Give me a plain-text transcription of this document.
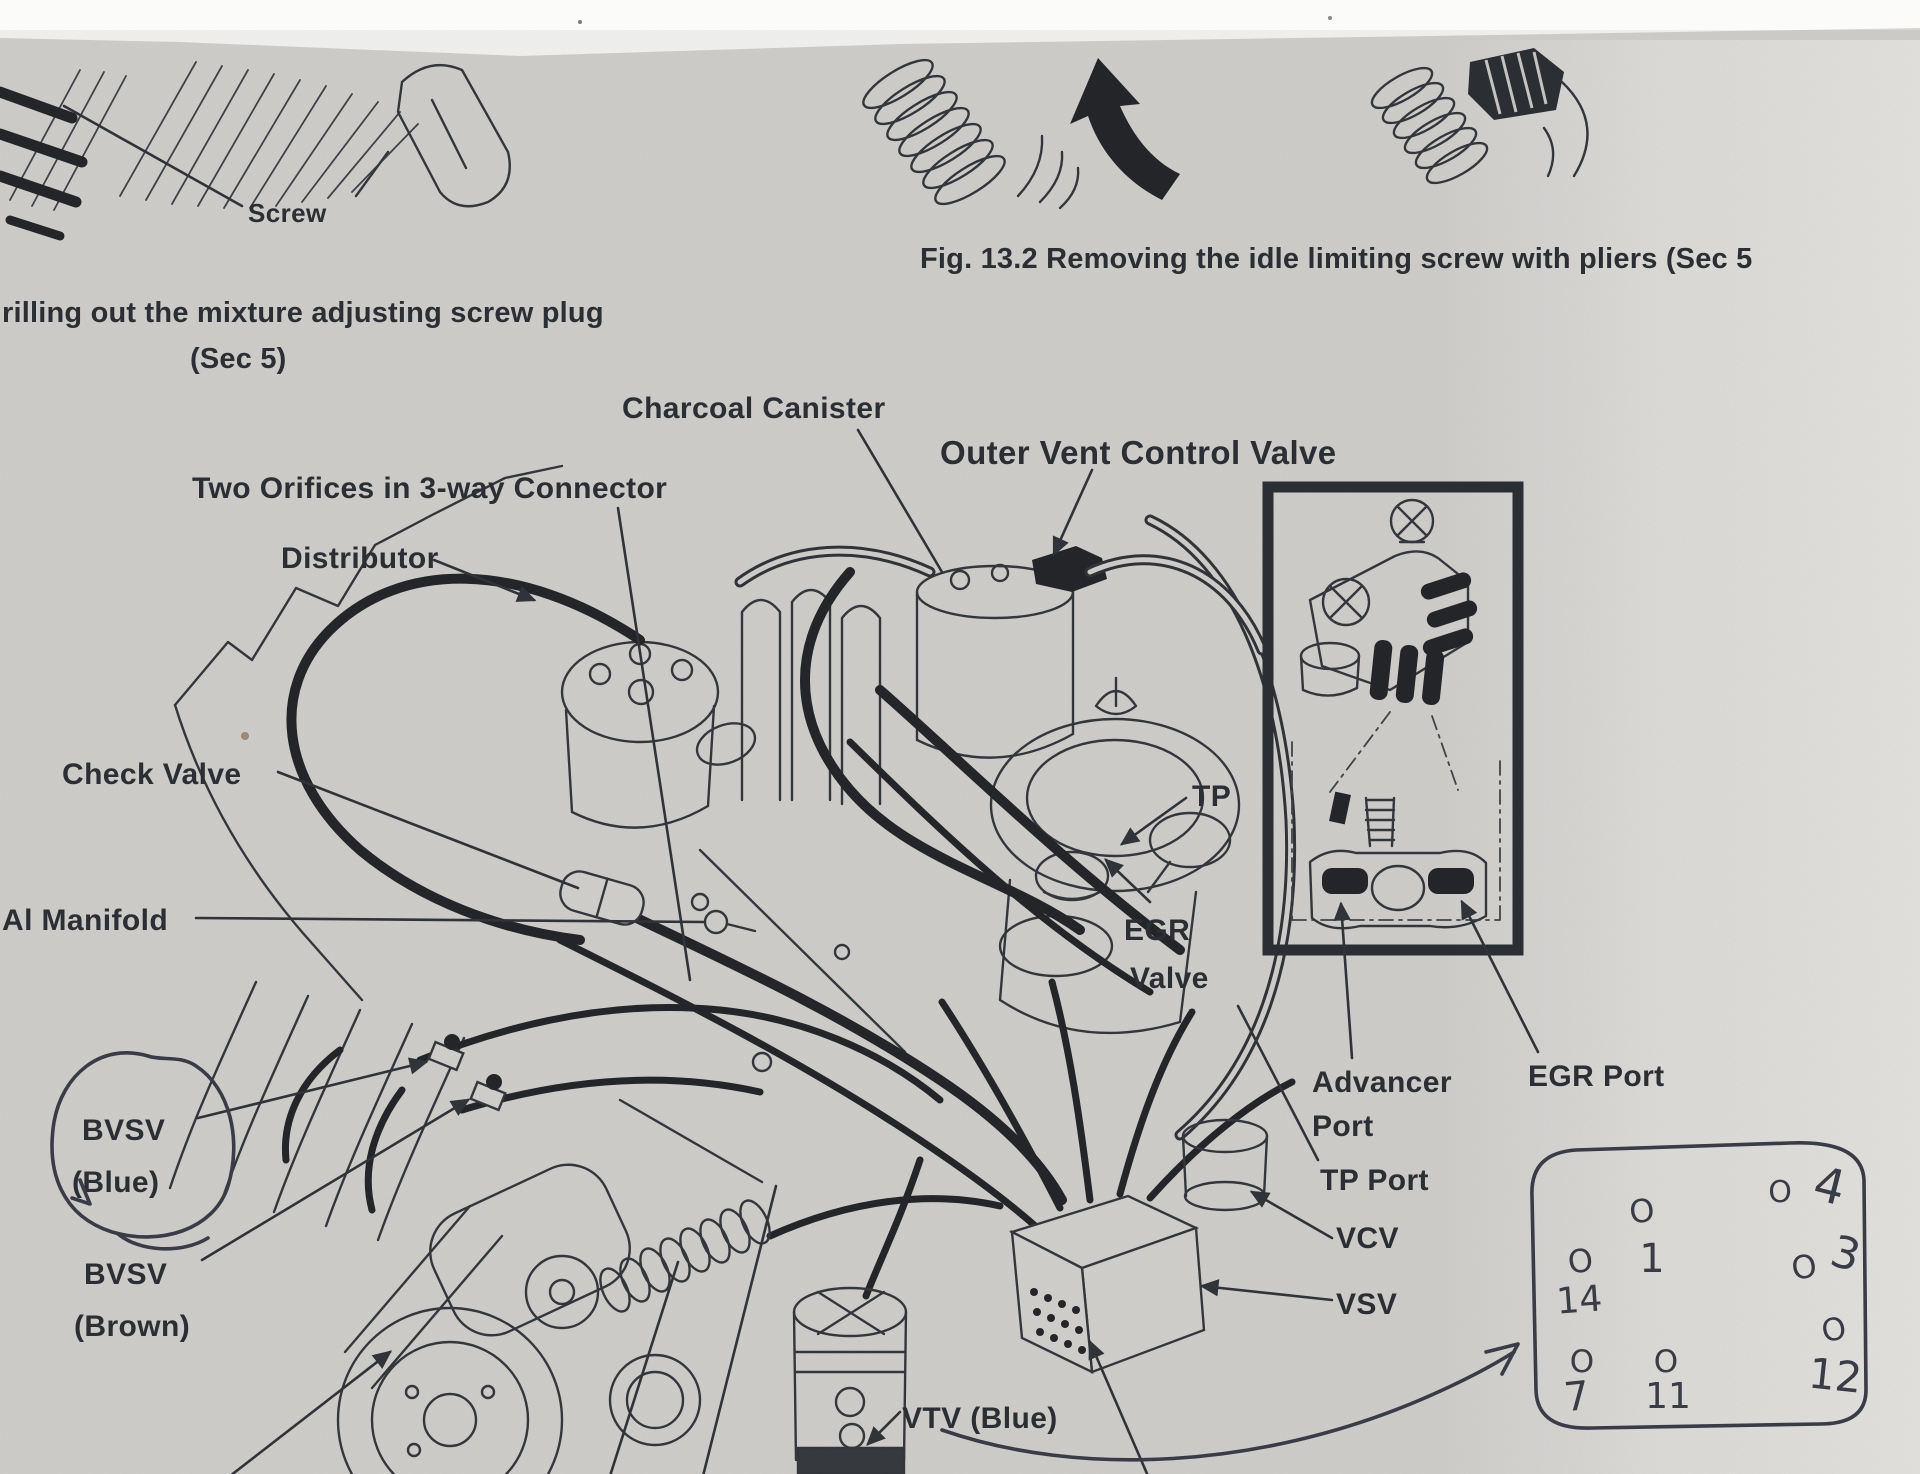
Screw
rilling out the mixture adjusting screw plug
(Sec 5)
Fig. 13.2 Removing the idle limiting screw with pliers (Sec 5
Charcoal Canister
Outer Vent Control Valve
Two Orifices in 3-way Connector
Distributor
Check Valve
Al Manifold
TP
EGR
Valve
BVSV
(Blue)
BVSV
(Brown)
Advancer
Port
EGR Port
TP Port
VCV
VSV
VTV (Blue)
O
1
O 4
O
14
O 3
O
7
O
11
O
12
